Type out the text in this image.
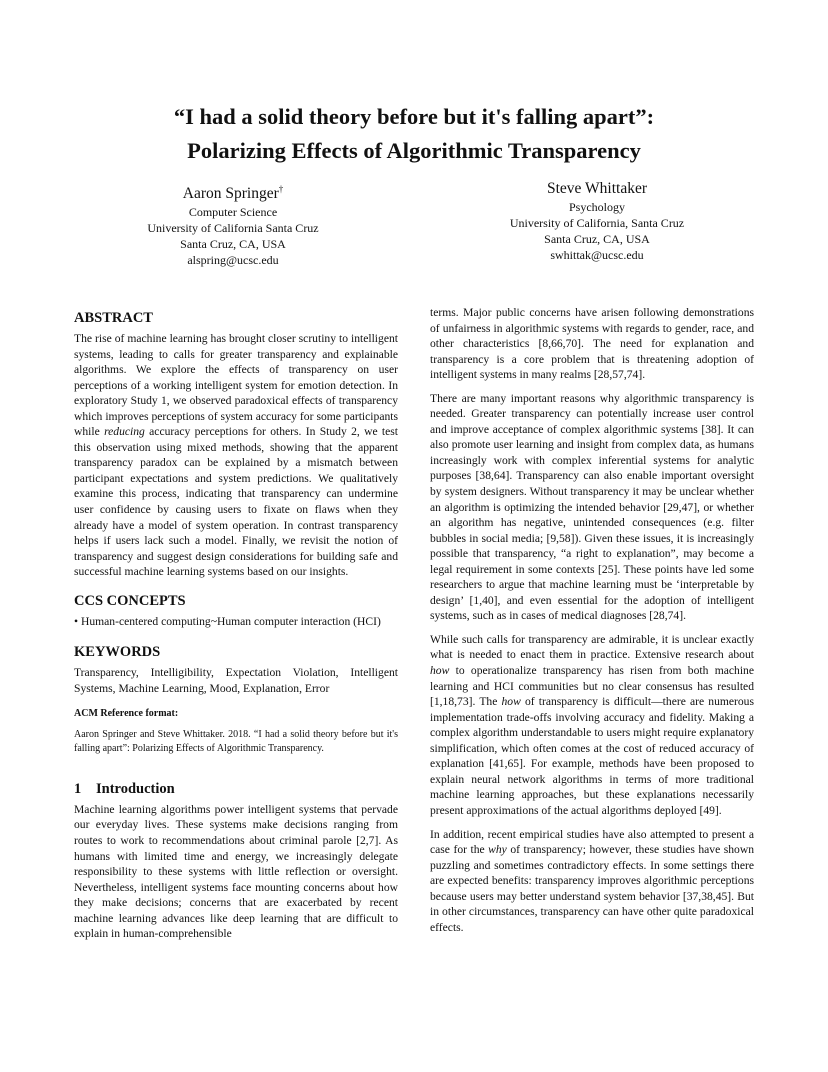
“I had a solid theory before but it's falling apart”:
Polarizing Effects of Algorithmic Transparency
Aaron Springer†
Computer Science
University of California Santa Cruz
Santa Cruz, CA, USA
alspring@ucsc.edu
Steve Whittaker
Psychology
University of California, Santa Cruz
Santa Cruz, CA, USA
swhittak@ucsc.edu
ABSTRACT

The rise of machine learning has brought closer scrutiny to intelligent systems, leading to calls for greater transparency and explainable algorithms. We explore the effects of transparency on user perceptions of a working intelligent system for emotion detection. In exploratory Study 1, we observed paradoxical effects of transparency which improves perceptions of system accuracy for some participants while reducing accuracy perceptions for others. In Study 2, we test this observation using mixed methods, showing that the apparent transparency paradox can be explained by a mismatch between participant expectations and system predictions. We qualitatively examine this process, indicating that transparency can undermine user confidence by causing users to fixate on flaws when they already have a model of system operation. In contrast transparency helps if users lack such a model. Finally, we revisit the notion of transparency and suggest design considerations for building safe and successful machine learning systems based on our insights.

CCS CONCEPTS

• Human-centered computing~Human computer interaction (HCI)

KEYWORDS

Transparency, Intelligibility, Expectation Violation, Intelligent Systems, Machine Learning, Mood, Explanation, Error

ACM Reference format:

Aaron Springer and Steve Whittaker. 2018. “I had a solid theory before but it's falling apart”: Polarizing Effects of Algorithmic Transparency.

1 Introduction

Machine learning algorithms power intelligent systems that pervade our everyday lives. These systems make decisions ranging from routes to work to recommendations about criminal parole [2,7]. As humans with limited time and energy, we increasingly delegate responsibility to these systems with little reflection or oversight. Nevertheless, intelligent systems face mounting concerns about how they make decisions; concerns that are exacerbated by recent machine learning advances like deep learning that are difficult to explain in human-comprehensible

terms. Major public concerns have arisen following demonstrations of unfairness in algorithmic systems with regards to gender, race, and other characteristics [8,66,70]. The need for explanation and transparency is a core problem that is threatening adoption of intelligent systems in many realms [28,57,74].

There are many important reasons why algorithmic transparency is needed. Greater transparency can potentially increase user control and improve acceptance of complex algorithmic systems [38]. It can also promote user learning and insight from complex data, as humans increasingly work with complex inferential systems for analytic purposes [38,64]. Transparency can also enable important oversight by system designers. Without transparency it may be unclear whether an algorithm is optimizing the intended behavior [29,47], or whether an algorithm has negative, unintended consequences (e.g. filter bubbles in social media; [9,58]). Given these issues, it is increasingly possible that transparency, “a right to explanation”, may become a legal requirement in some contexts [25]. These points have led some researchers to argue that machine learning must be ‘interpretable by design’ [1,40], and even essential for the adoption of intelligent systems, such as in cases of medical diagnoses [28,74].

While such calls for transparency are admirable, it is unclear exactly what is needed to enact them in practice. Extensive research about how to operationalize transparency has risen from both machine learning and HCI communities but no clear consensus has resulted [1,18,73]. The how of transparency is difficult—there are numerous implementation trade-offs involving accuracy and fidelity. Making a complex algorithm understandable to users might require explanatory simplification, which often comes at the cost of reduced accuracy of explanation [41,65]. For example, methods have been proposed to explain neural network algorithms in terms of more traditional machine learning approaches, but these explanations necessarily present approximations of the actual algorithms deployed [49].

In addition, recent empirical studies have also attempted to present a case for the why of transparency; however, these studies have shown puzzling and sometimes contradictory effects. In some settings there are expected benefits: transparency improves algorithmic perceptions because users may better understand system behavior [37,38,45]. But in other circumstances, transparency can have other quite paradoxical effects.
